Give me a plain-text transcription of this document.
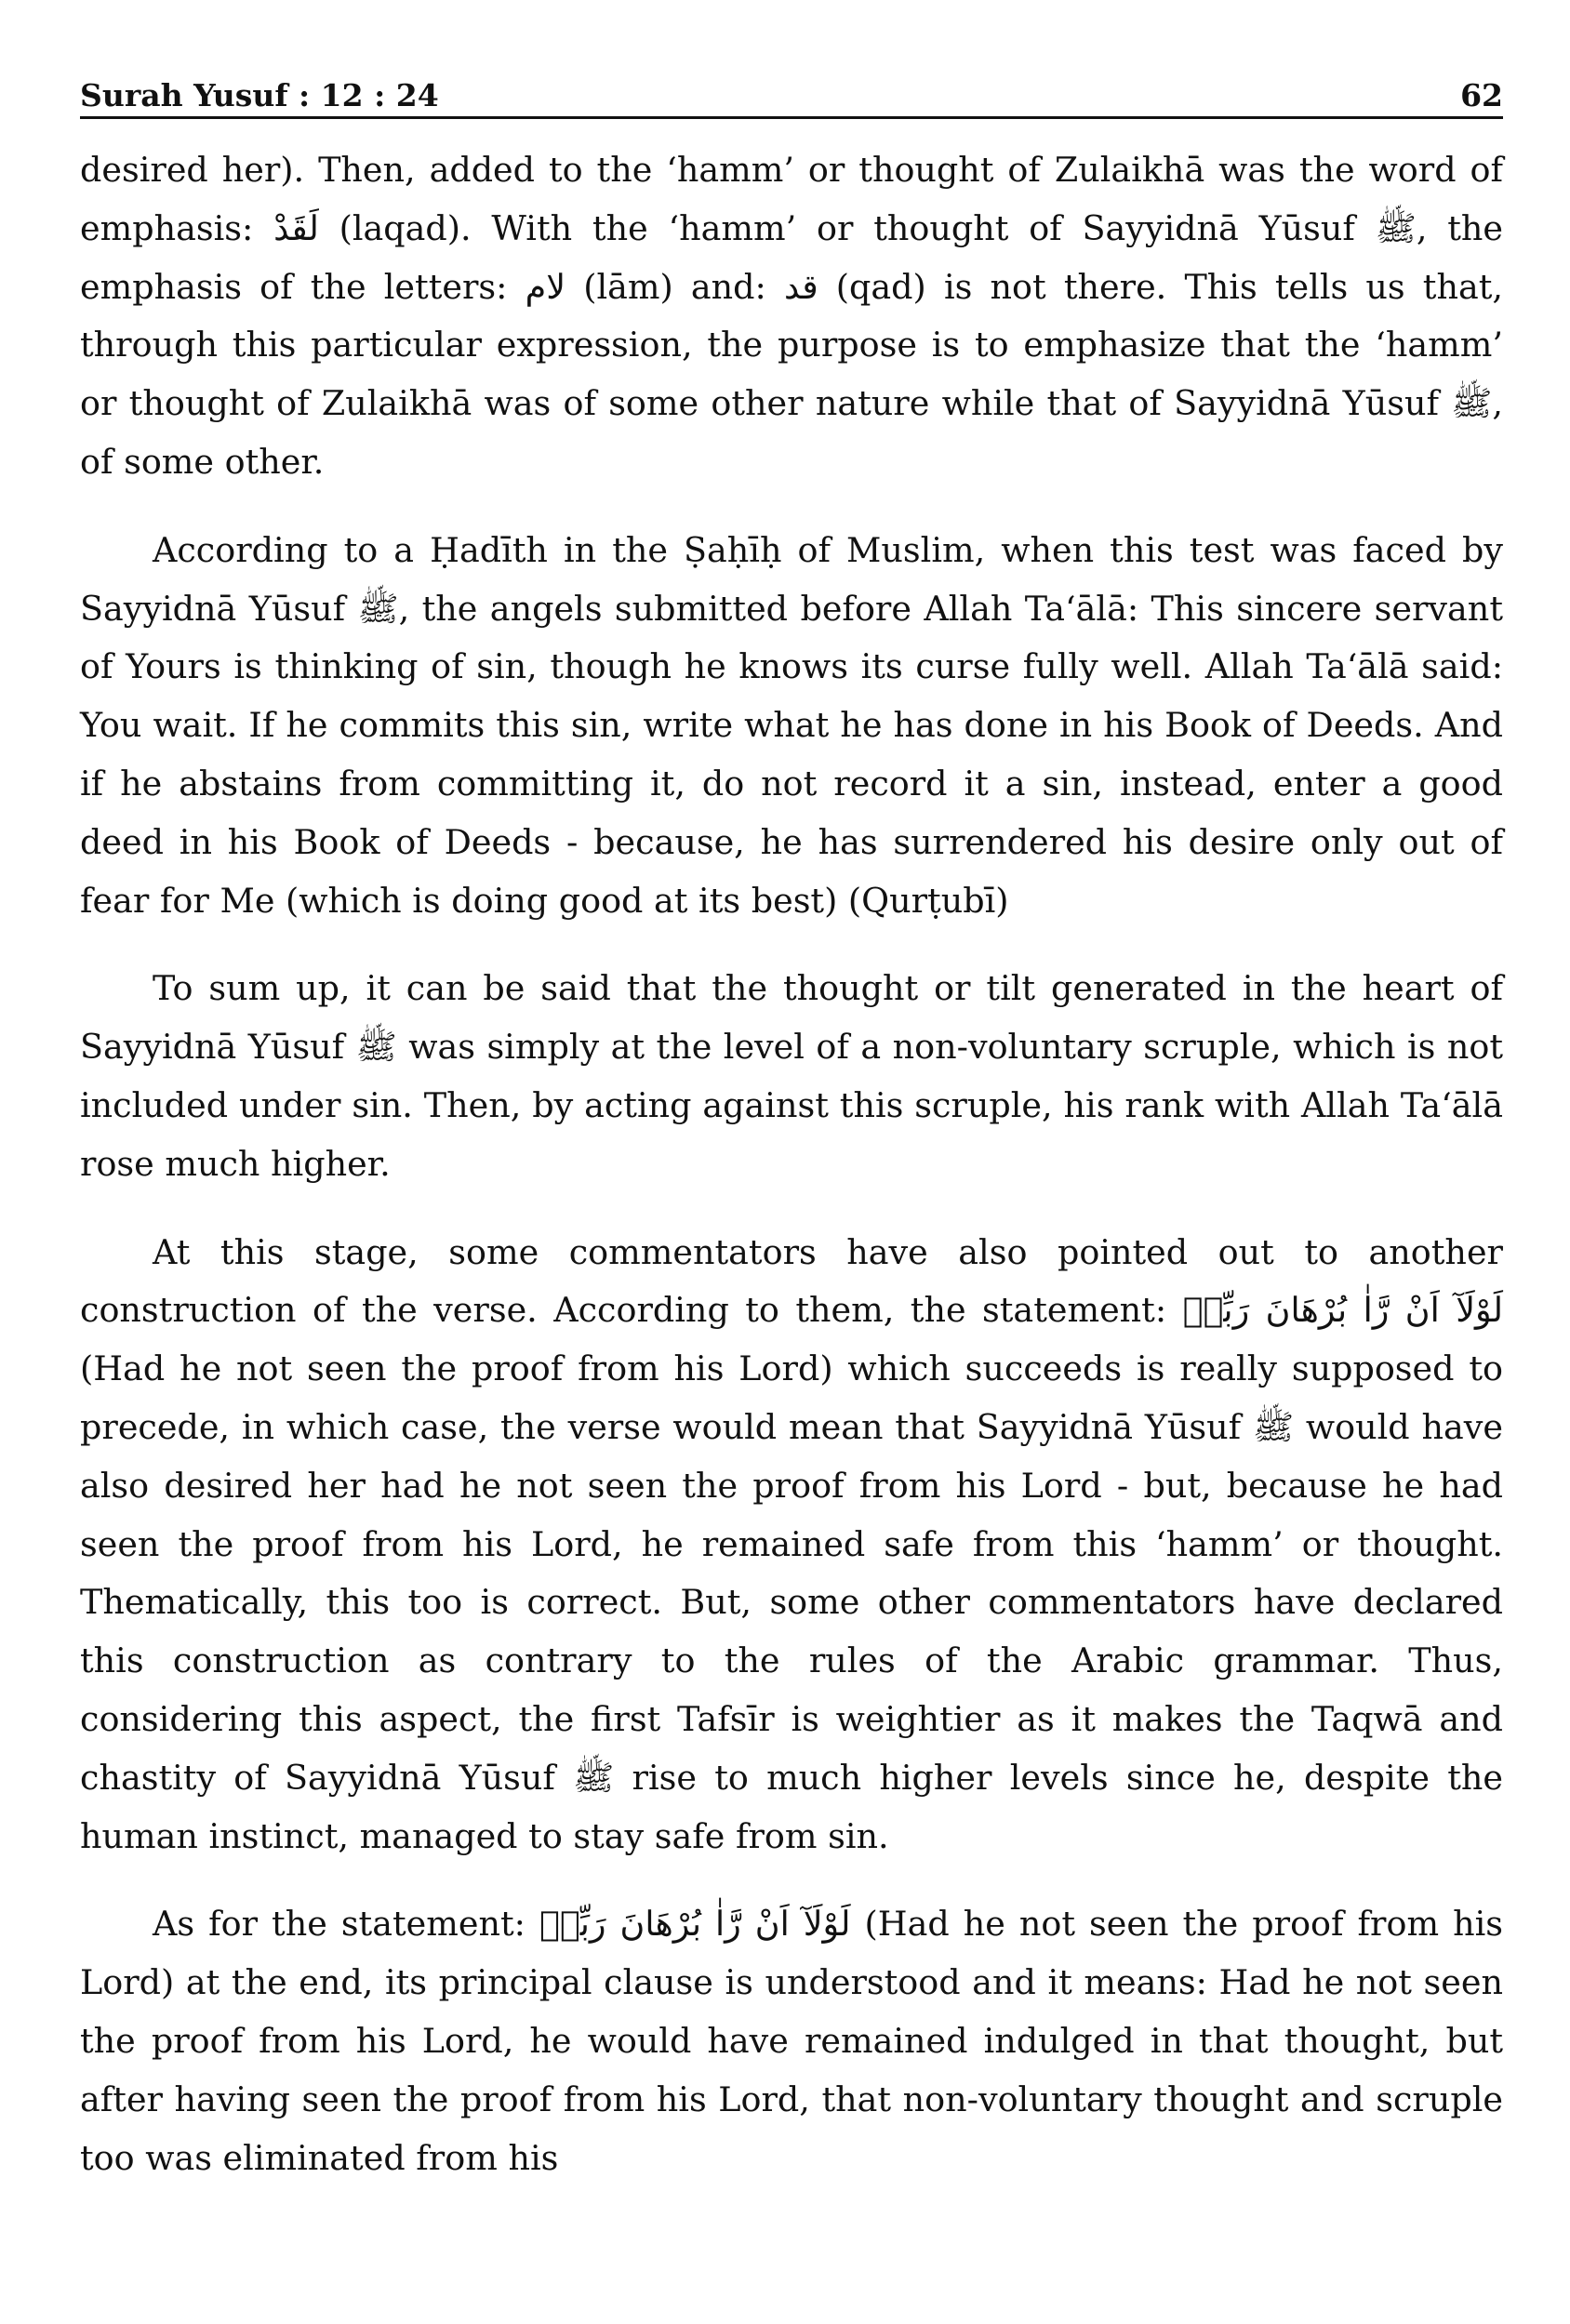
Surah Yusuf : 12 : 24	62

desired her). Then, added to the ‘hamm’ or thought of Zulaikhā was the word of emphasis: لَقَدْ (laqad). With the ‘hamm’ or thought of Sayyidnā Yūsuf ﷺ, the emphasis of the letters: لام (lām) and: قد (qad) is not there. This tells us that, through this particular expression, the purpose is to emphasize that the ‘hamm’ or thought of Zulaikhā was of some other nature while that of Sayyidnā Yūsuf ﷺ, of some other.

According to a Ḥadīth in the Ṣaḥīḥ of Muslim, when this test was faced by Sayyidnā Yūsuf ﷺ, the angels submitted before Allah Ta‘ālā: This sincere servant of Yours is thinking of sin, though he knows its curse fully well. Allah Ta‘ālā said: You wait. If he commits this sin, write what he has done in his Book of Deeds. And if he abstains from committing it, do not record it a sin, instead, enter a good deed in his Book of Deeds - because, he has surrendered his desire only out of fear for Me (which is doing good at its best) (Qurṭubī)

To sum up, it can be said that the thought or tilt generated in the heart of Sayyidnā Yūsuf ﷺ was simply at the level of a non-voluntary scruple, which is not included under sin. Then, by acting against this scruple, his rank with Allah Ta‘ālā rose much higher.

At this stage, some commentators have also pointed out to another construction of the verse. According to them, the statement: لَوْلَآ اَنْ رَّاٰ بُرْهَانَ رَبِّهٖ (Had he not seen the proof from his Lord) which succeeds is really supposed to precede, in which case, the verse would mean that Sayyidnā Yūsuf ﷺ would have also desired her had he not seen the proof from his Lord - but, because he had seen the proof from his Lord, he remained safe from this ‘hamm’ or thought. Thematically, this too is correct. But, some other commentators have declared this construction as contrary to the rules of the Arabic grammar. Thus, considering this aspect, the first Tafsīr is weightier as it makes the Taqwā and chastity of Sayyidnā Yūsuf ﷺ rise to much higher levels since he, despite the human instinct, managed to stay safe from sin.

As for the statement: لَوْلَآ اَنْ رَّاٰ بُرْهَانَ رَبِّهٖ (Had he not seen the proof from his Lord) at the end, its principal clause is understood and it means: Had he not seen the proof from his Lord, he would have remained indulged in that thought, but after having seen the proof from his Lord, that non-voluntary thought and scruple too was eliminated from his
